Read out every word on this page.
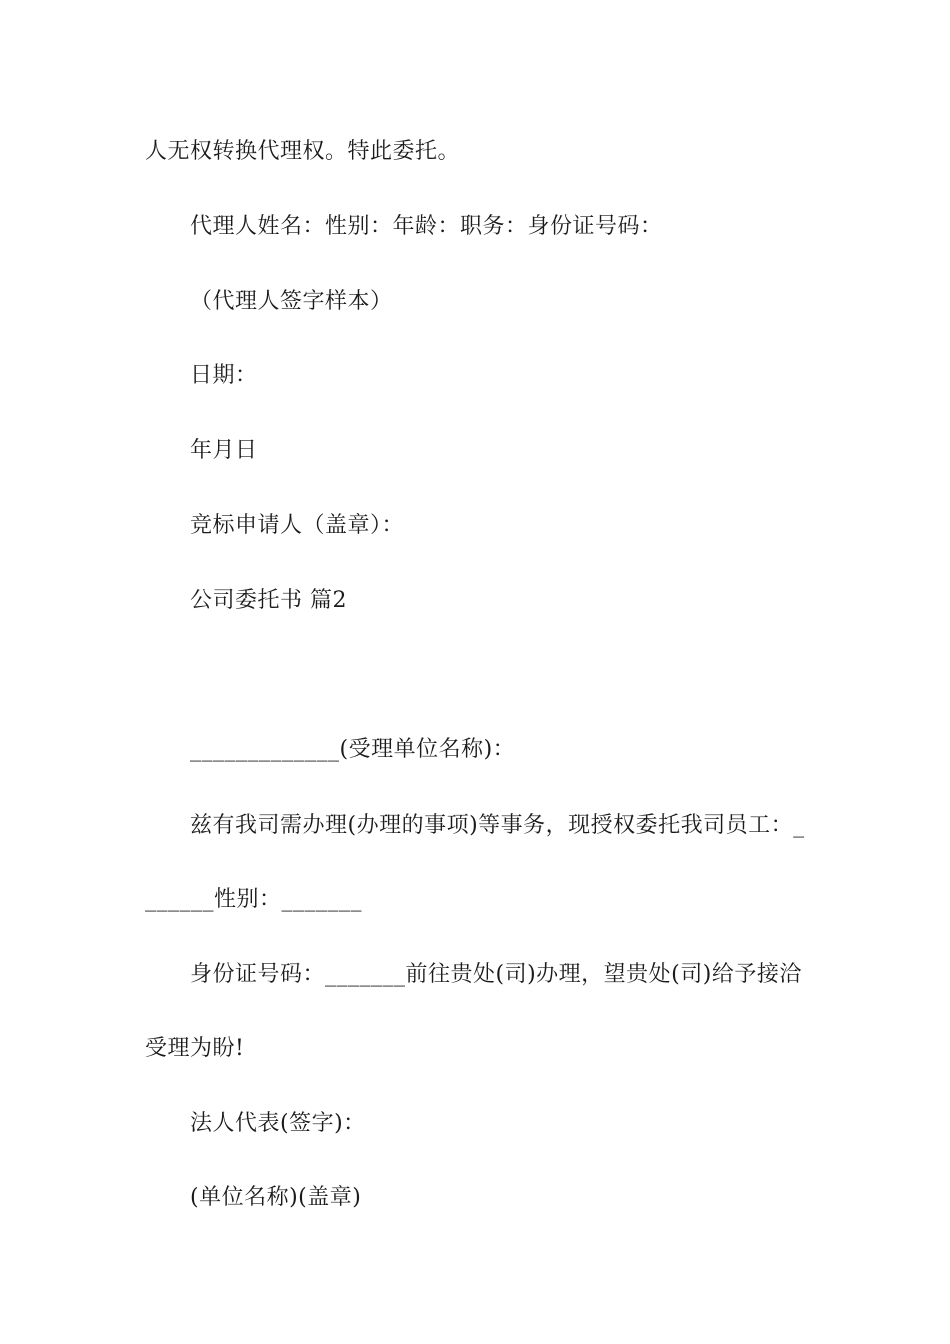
人无权转换代理权。特此委托。
代理人姓名：性别：年龄：职务：身份证号码：
（代理人签字样本）
日期：
年月日
竞标申请人（盖章）：
公司委托书 篇2
_____________(受理单位名称)：
兹有我司需办理(办理的事项)等事务，现授权委托我司员工：_
______性别：_______
身份证号码：_______前往贵处(司)办理，望贵处(司)给予接洽
受理为盼!
法人代表(签字)：
(单位名称)(盖章)
